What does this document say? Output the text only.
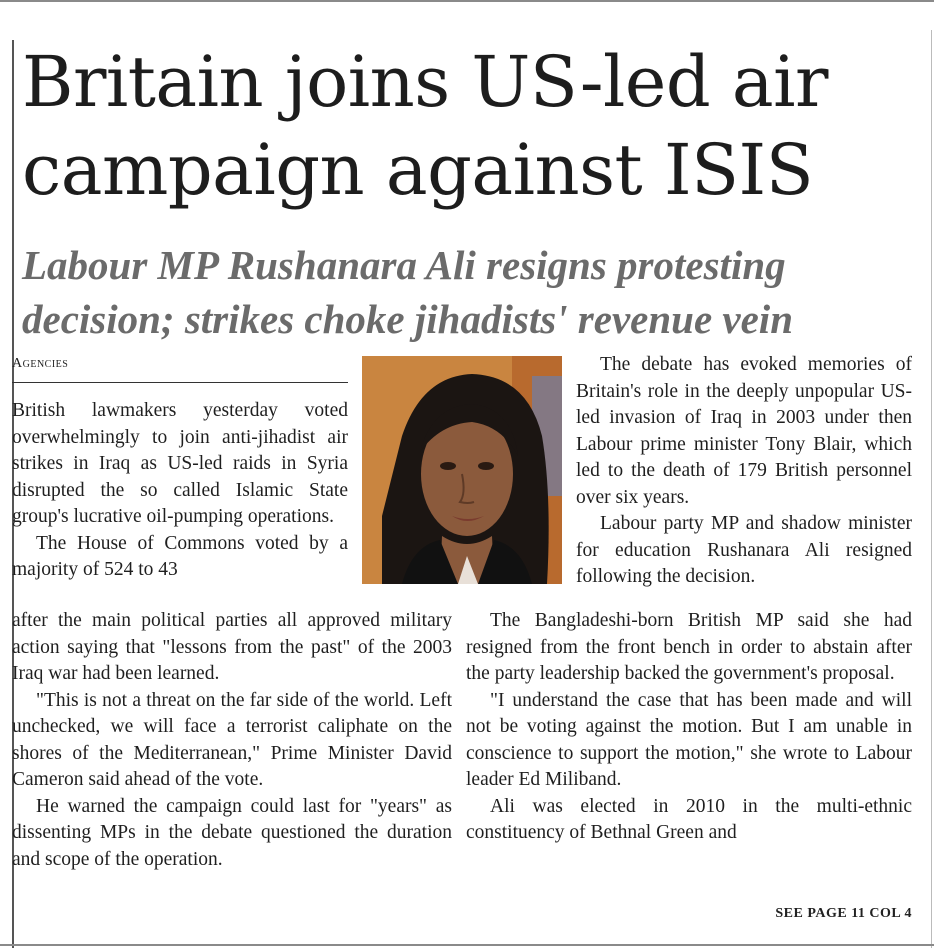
Britain joins US-led air campaign against ISIS
Labour MP Rushanara Ali resigns protesting decision; strikes choke jihadists' revenue vein
Agencies

British lawmakers yesterday voted overwhelmingly to join anti-jihadist air strikes in Iraq as US-led raids in Syria disrupted the so called Islamic State group's lucrative oil-pumping operations.

The House of Commons voted by a majority of 524 to 43

after the main political parties all approved military action saying that "lessons from the past" of the 2003 Iraq war had been learned.

"This is not a threat on the far side of the world. Left unchecked, we will face a terrorist caliphate on the shores of the Mediterranean," Prime Minister David Cameron said ahead of the vote.

He warned the campaign could last for "years" as dissenting MPs in the debate questioned the duration and scope of the operation.

The debate has evoked memories of Britain's role in the deeply unpopular US-led invasion of Iraq in 2003 under then Labour prime minister Tony Blair, which led to the death of 179 British personnel over six years.

Labour party MP and shadow minister for education Rushanara Ali resigned following the decision.

The Bangladeshi-born British MP said she had resigned from the front bench in order to abstain after the party leadership backed the government's proposal.

"I understand the case that has been made and will not be voting against the motion. But I am unable in conscience to support the motion," she wrote to Labour leader Ed Miliband.

Ali was elected in 2010 in the multi-ethnic constituency of Bethnal Green and

SEE PAGE 11 COL 4
